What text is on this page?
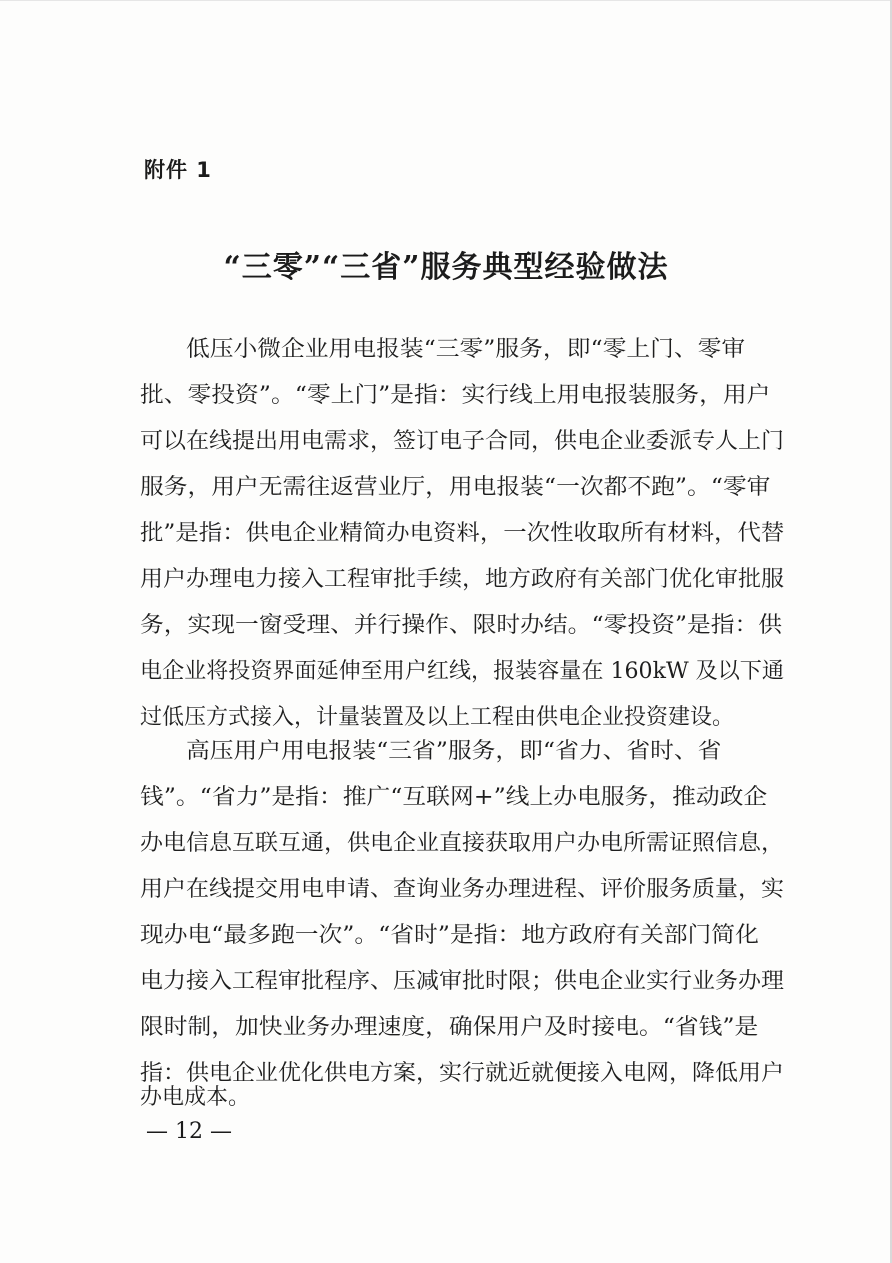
附件 1
“三零”“三省”服务典型经验做法
低压小微企业用电报装“三零”服务，即“零上门、零审
批、零投资”。“零上门”是指：实行线上用电报装服务，用户
可以在线提出用电需求，签订电子合同，供电企业委派专人上门
服务，用户无需往返营业厅，用电报装“一次都不跑”。“零审
批”是指：供电企业精简办电资料，一次性收取所有材料，代替
用户办理电力接入工程审批手续，地方政府有关部门优化审批服
务，实现一窗受理、并行操作、限时办结。“零投资”是指：供
电企业将投资界面延伸至用户红线，报装容量在 160kW 及以下通
过低压方式接入，计量装置及以上工程由供电企业投资建设。
高压用户用电报装“三省”服务，即“省力、省时、省
钱”。“省力”是指：推广“互联网+”线上办电服务，推动政企
办电信息互联互通，供电企业直接获取用户办电所需证照信息，
用户在线提交用电申请、查询业务办理进程、评价服务质量，实
现办电“最多跑一次”。“省时”是指：地方政府有关部门简化
电力接入工程审批程序、压减审批时限；供电企业实行业务办理
限时制，加快业务办理速度，确保用户及时接电。“省钱”是
指：供电企业优化供电方案，实行就近就便接入电网，降低用户
办电成本。
— 12 —
